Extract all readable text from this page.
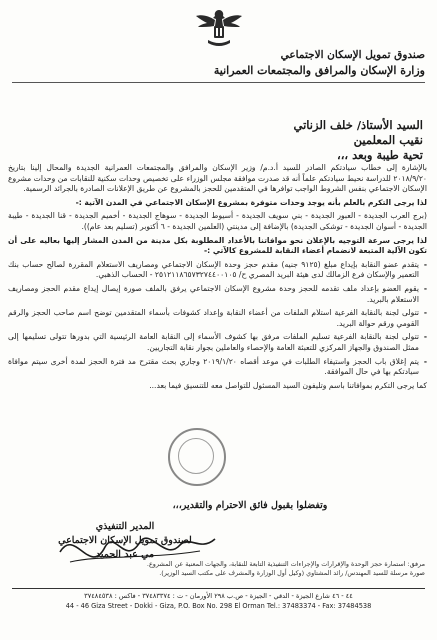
صندوق تمويل الإسكان الاجتماعي
وزارة الإسكان والمرافق والمجتمعات العمرانية
السيد الأستاذ/ خلف الزناتي
نقيب المعلمين
تحية طيبة وبعد ،،،

بالإشارة إلى خطاب سيادتكم الصادر للسيد أ.د.م/ وزير الإسكان والمرافق والمجتمعات العمرانية الجديدة والمحال إلينا بتاريخ ٢٠١٨/٩/٢٠ للدراسة نحيط سيادتكم علماً أنه قد صدرت موافقة مجلس الوزراء على تخصيص وحدات سكنية للنقابات من وحدات مشروع الإسكان الاجتماعي بنفس الشروط الواجب توافرها في المتقدمين للحجز بالمشروع عن طريق الإعلانات الصادرة بالجرائد الرسمية.

لذا يرجى التكرم بالعلم بأنه يوجد وحدات متوفرة بمشروع الإسكان الاجتماعي في المدن الآتية :-

(برج العرب الجديدة - العبور الجديدة - بني سويف الجديدة - أسيوط الجديدة - سوهاج الجديدة - أخميم الجديدة - قنا الجديدة - طيبة الجديدة - أسوان الجديدة - توشكى الجديدة) بالإضافة إلى مدينتي (العلمين الجديدة - ٦ أكتوبر (تسليم بعد عام)).

لذا يرجى سرعة التوجيه بالإعلان نحو موافاتنا بالأعداد المطلوبة بكل مدينة من المدن المشار إليها بعاليه على أن تكون الآلية المتبعة لانضمام أعضاء النقابة للمشروع كالآتي :-

-
يتقدم عضو النقابة بإيداع مبلغ (٩١٢٥ جنيه) مقدم حجز وحدة الإسكان الاجتماعي ومصاريف الاستعلام المقررة لصالح حساب بنك التعمير والإسكان فرع الزمالك لدى هيئة البريد المصري ح/ ٢٥١٢١١٨٦٥٧٣٢٧٤٤٠٠١٠٥ - الحساب الذهبي.
-
يقوم العضو بإعداد ملف تقدمه للحجز وحدة مشروع الإسكان الاجتماعي يرفق بالملف صورة إيصال إيداع مقدم الحجز ومصاريف الاستعلام بالبريد.
-
تتولى لجنة بالنقابة الفرعية استلام الملفات من أعضاء النقابة وإعداد كشوفات بأسماء المتقدمين توضح اسم صاحب الحجز والرقم القومي ورقم حوالة البريد.
-
تتولى لجنة بالنقابة الفرعية تسليم الملفات مرفق بها كشوف الأسماء إلى النقابة العامة الرئيسية التي بدورها تتولى تسليمها إلى ممثل الصندوق والجهاز المركزي للتعبئة العامة والإحصاء والعاملين بجوار نقابة التجاريين.
-
يتم إغلاق باب الحجز واستيفاء الطلبات في موعد أقصاه ٢٠١٩/١/٢٠ وجاري بحث مقترح مد فترة الحجز لمدة أخرى سيتم موافاة سيادتكم بها في حال الموافقة.

كما يرجى التكرم بموافاتنا باسم وتليفون السيد المسئول للتواصل معه للتنسيق فيما بعد...

وتفضلوا بقبول فائق الاحترام والتقدير،،،
المدير التنفيذي
لصندوق تمويل الإسكان الاجتماعي
مي عبد الحميد
مرفق: استمارة حجز الوحدة والإقرارات والإجراءات التنفيذية التابعة للنقابة، والجهات المعنية عن المشروع.
صورة مرسلة للسيد المهندس/ رائد المشتاوي (وكيل أول الوزارة والمشرف على مكتب السيد الوزير).
٤٤ - ٤٦ شارع الجيزة - الدقي - الجيزة - ص.ب ٢٩٨ الأورمان - ت : ٣٧٤٨٣٣٧٤ - فاكس : ٣٧٤٨٤٥٣٨
44 - 46 Giza Street - Dokki - Giza, P.O. Box No. 298 El Orman Tel.: 37483374 - Fax: 37484538
